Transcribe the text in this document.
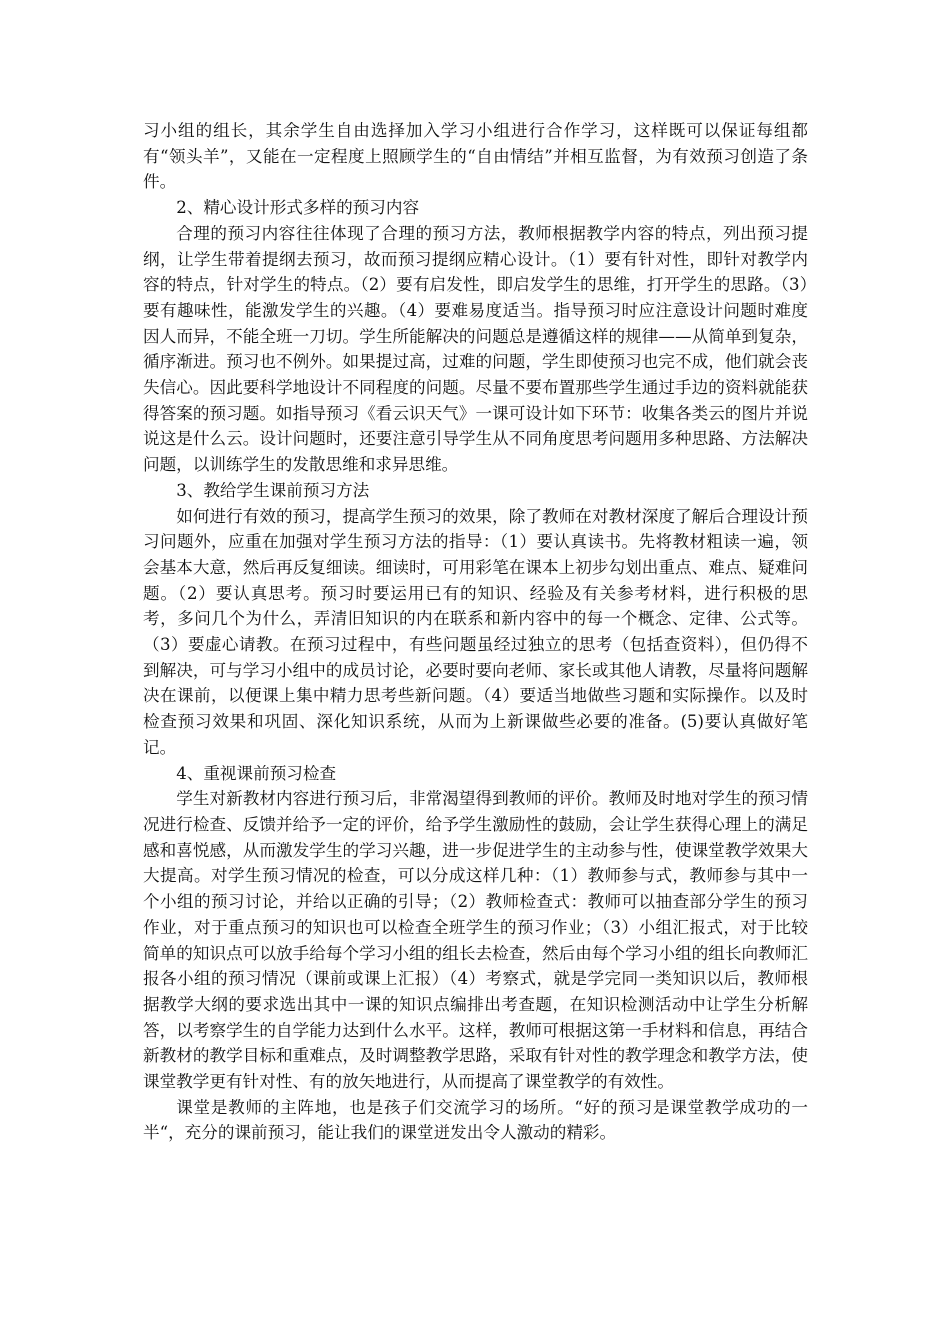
习小组的组长，其余学生自由选择加入学习小组进行合作学习，这样既可以保证每组都有“领头羊”，又能在一定程度上照顾学生的“自由情结”并相互监督，为有效预习创造了条件。

2、精心设计形式多样的预习内容

合理的预习内容往往体现了合理的预习方法，教师根据教学内容的特点，列出预习提纲，让学生带着提纲去预习，故而预习提纲应精心设计。（1）要有针对性，即针对教学内容的特点，针对学生的特点。（2）要有启发性，即启发学生的思维，打开学生的思路。（3）要有趣味性，能激发学生的兴趣。（4）要难易度适当。指导预习时应注意设计问题时难度因人而异，不能全班一刀切。学生所能解决的问题总是遵循这样的规律——从简单到复杂，循序渐进。预习也不例外。如果提过高，过难的问题，学生即使预习也完不成，他们就会丧失信心。因此要科学地设计不同程度的问题。尽量不要布置那些学生通过手边的资料就能获得答案的预习题。如指导预习《看云识天气》一课可设计如下环节：收集各类云的图片并说说这是什么云。设计问题时，还要注意引导学生从不同角度思考问题用多种思路、方法解决问题，以训练学生的发散思维和求异思维。

3、教给学生课前预习方法

如何进行有效的预习，提高学生预习的效果，除了教师在对教材深度了解后合理设计预习问题外，应重在加强对学生预习方法的指导：（1）要认真读书。先将教材粗读一遍，领会基本大意，然后再反复细读。细读时，可用彩笔在课本上初步勾划出重点、难点、疑难问题。（2）要认真思考。预习时要运用已有的知识、经验及有关参考材料，进行积极的思考，多问几个为什么，弄清旧知识的内在联系和新内容中的每一个概念、定律、公式等。（3）要虚心请教。在预习过程中，有些问题虽经过独立的思考（包括查资料），但仍得不到解决，可与学习小组中的成员讨论，必要时要向老师、家长或其他人请教，尽量将问题解决在课前，以便课上集中精力思考些新问题。（4）要适当地做些习题和实际操作。以及时检查预习效果和巩固、深化知识系统，从而为上新课做些必要的准备。(5)要认真做好笔记。

4、重视课前预习检查

学生对新教材内容进行预习后，非常渴望得到教师的评价。教师及时地对学生的预习情况进行检查、反馈并给予一定的评价，给予学生激励性的鼓励，会让学生获得心理上的满足感和喜悦感，从而激发学生的学习兴趣，进一步促进学生的主动参与性，使课堂教学效果大大提高。对学生预习情况的检查，可以分成这样几种：（1）教师参与式，教师参与其中一个小组的预习讨论，并给以正确的引导；（2）教师检查式：教师可以抽查部分学生的预习作业，对于重点预习的知识也可以检查全班学生的预习作业；（3）小组汇报式，对于比较简单的知识点可以放手给每个学习小组的组长去检查，然后由每个学习小组的组长向教师汇报各小组的预习情况（课前或课上汇报）（4）考察式，就是学完同一类知识以后，教师根据教学大纲的要求选出其中一课的知识点编排出考查题，在知识检测活动中让学生分析解答，以考察学生的自学能力达到什么水平。这样，教师可根据这第一手材料和信息，再结合新教材的教学目标和重难点，及时调整教学思路，采取有针对性的教学理念和教学方法，使课堂教学更有针对性、有的放矢地进行，从而提高了课堂教学的有效性。

课堂是教师的主阵地，也是孩子们交流学习的场所。“好的预习是课堂教学成功的一半“，充分的课前预习，能让我们的课堂迸发出令人激动的精彩。
